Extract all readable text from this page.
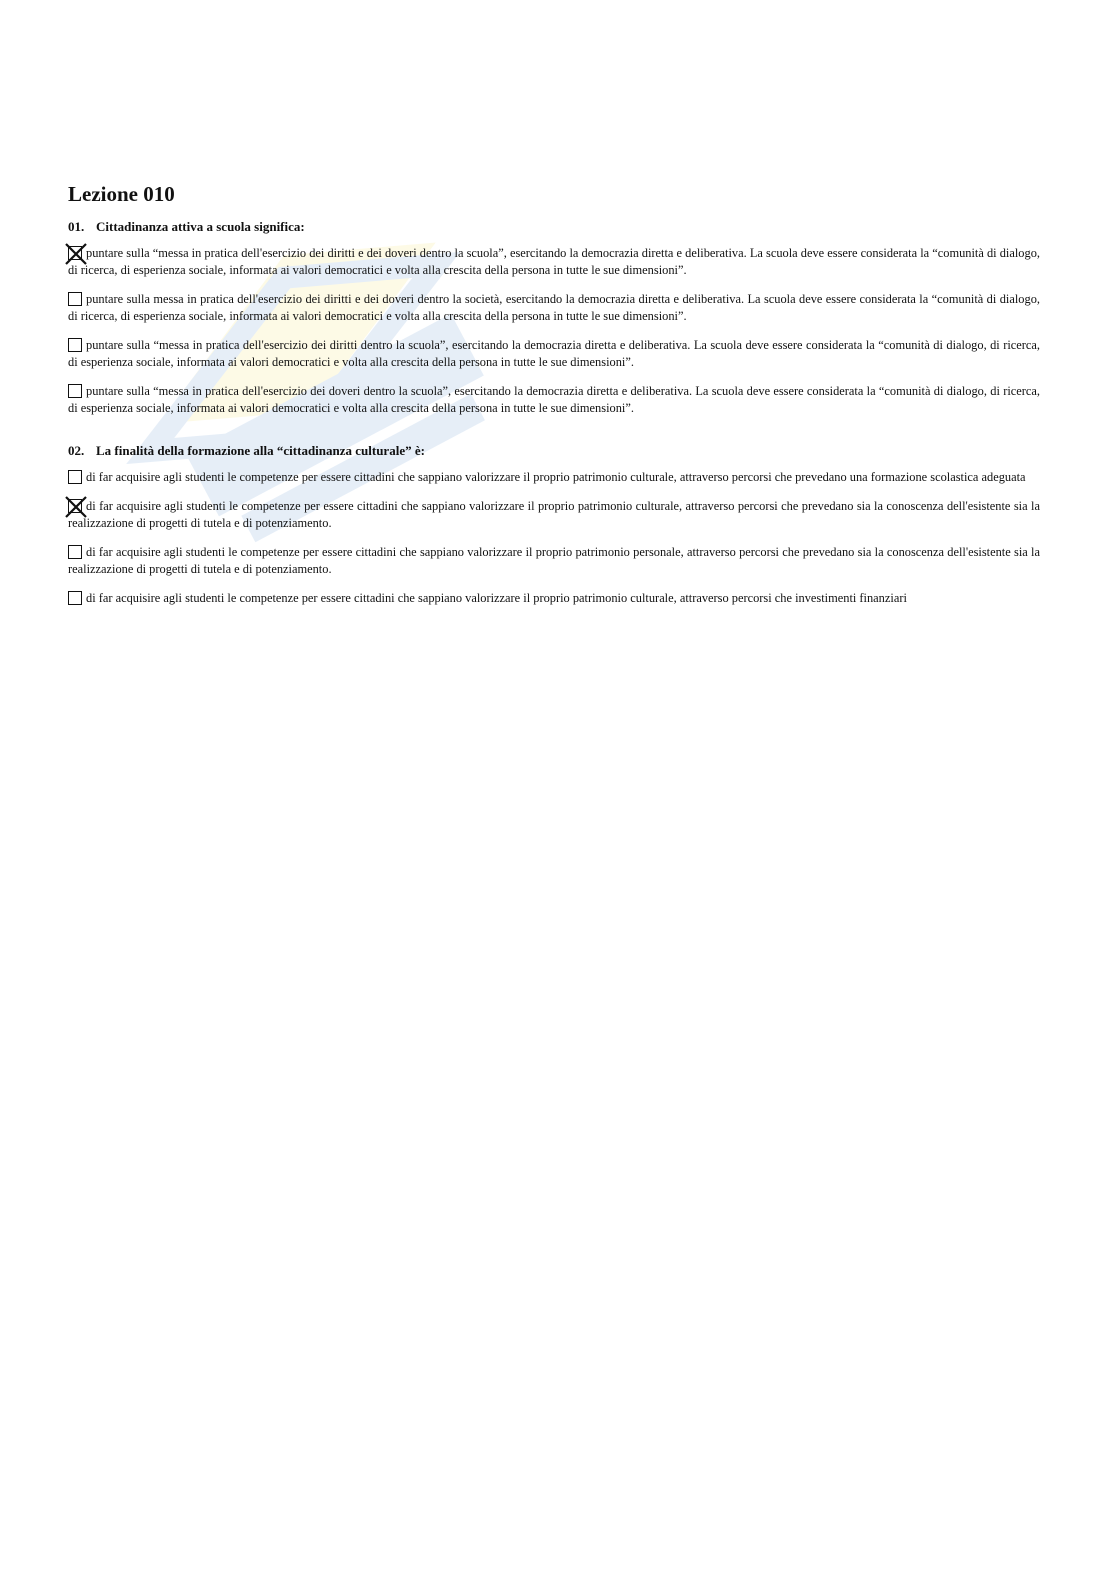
Lezione 010
01. Cittadinanza attiva a scuola significa:
puntare sulla “messa in pratica dell'esercizio dei diritti e dei doveri dentro la scuola”, esercitando la democrazia diretta e deliberativa. La scuola deve essere considerata la “comunità di dialogo, di ricerca, di esperienza sociale, informata ai valori democratici e volta alla crescita della persona in tutte le sue dimensioni”.
puntare sulla messa in pratica dell'esercizio dei diritti e dei doveri dentro la società, esercitando la democrazia diretta e deliberativa. La scuola deve essere considerata la “comunità di dialogo, di ricerca, di esperienza sociale, informata ai valori democratici e volta alla crescita della persona in tutte le sue dimensioni”.
puntare sulla “messa in pratica dell'esercizio dei diritti dentro la scuola”, esercitando la democrazia diretta e deliberativa. La scuola deve essere considerata la “comunità di dialogo, di ricerca, di esperienza sociale, informata ai valori democratici e volta alla crescita della persona in tutte le sue dimensioni”.
puntare sulla “messa in pratica dell'esercizio dei doveri dentro la scuola”, esercitando la democrazia diretta e deliberativa. La scuola deve essere considerata la “comunità di dialogo, di ricerca, di esperienza sociale, informata ai valori democratici e volta alla crescita della persona in tutte le sue dimensioni”.
02. La finalità della formazione alla “cittadinanza culturale” è:
di far acquisire agli studenti le competenze per essere cittadini che sappiano valorizzare il proprio patrimonio culturale, attraverso percorsi che prevedano una formazione scolastica adeguata
di far acquisire agli studenti le competenze per essere cittadini che sappiano valorizzare il proprio patrimonio culturale, attraverso percorsi che prevedano sia la conoscenza dell'esistente sia la realizzazione di progetti di tutela e di potenziamento.
di far acquisire agli studenti le competenze per essere cittadini che sappiano valorizzare il proprio patrimonio personale, attraverso percorsi che prevedano sia la conoscenza dell'esistente sia la realizzazione di progetti di tutela e di potenziamento.
di far acquisire agli studenti le competenze per essere cittadini che sappiano valorizzare il proprio patrimonio culturale, attraverso percorsi che investimenti finanziari
